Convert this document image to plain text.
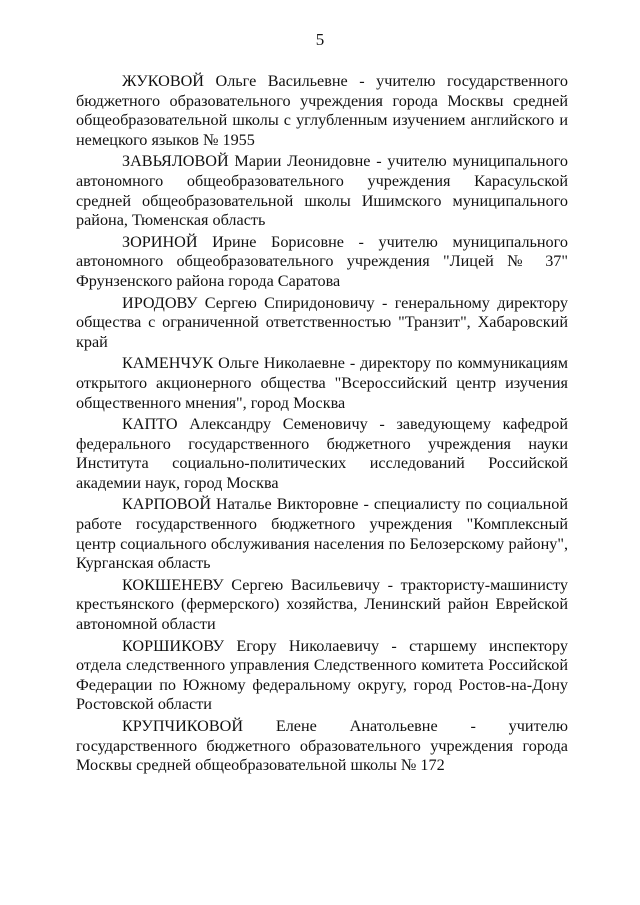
5

ЖУКОВОЙ Ольге Васильевне - учителю государственного бюджетного образовательного учреждения города Москвы средней общеобразовательной школы с углубленным изучением английского и немецкого языков № 1955

ЗАВЬЯЛОВОЙ Марии Леонидовне - учителю муниципального автономного общеобразовательного учреждения Карасульской средней общеобразовательной школы Ишимского муниципального района, Тюменская область

ЗОРИНОЙ Ирине Борисовне - учителю муниципального автономного общеобразовательного учреждения "Лицей № 37" Фрунзенского района города Саратова

ИРОДОВУ Сергею Спиридоновичу - генеральному директору общества с ограниченной ответственностью "Транзит", Хабаровский край

КАМЕНЧУК Ольге Николаевне - директору по коммуникациям открытого акционерного общества "Всероссийский центр изучения общественного мнения", город Москва

КАПТО Александру Семеновичу - заведующему кафедрой федерального государственного бюджетного учреждения науки Института социально-политических исследований Российской академии наук, город Москва

КАРПОВОЙ Наталье Викторовне - специалисту по социальной работе государственного бюджетного учреждения "Комплексный центр социального обслуживания населения по Белозерскому району", Курганская область

КОКШЕНЕВУ Сергею Васильевичу - трактористу-машинисту крестьянского (фермерского) хозяйства, Ленинский район Еврейской автономной области

КОРШИКОВУ Егору Николаевичу - старшему инспектору отдела следственного управления Следственного комитета Российской Федерации по Южному федеральному округу, город Ростов-на-Дону Ростовской области

КРУПЧИКОВОЙ Елене Анатольевне - учителю государственного бюджетного образовательного учреждения города Москвы средней общеобразовательной школы № 172
